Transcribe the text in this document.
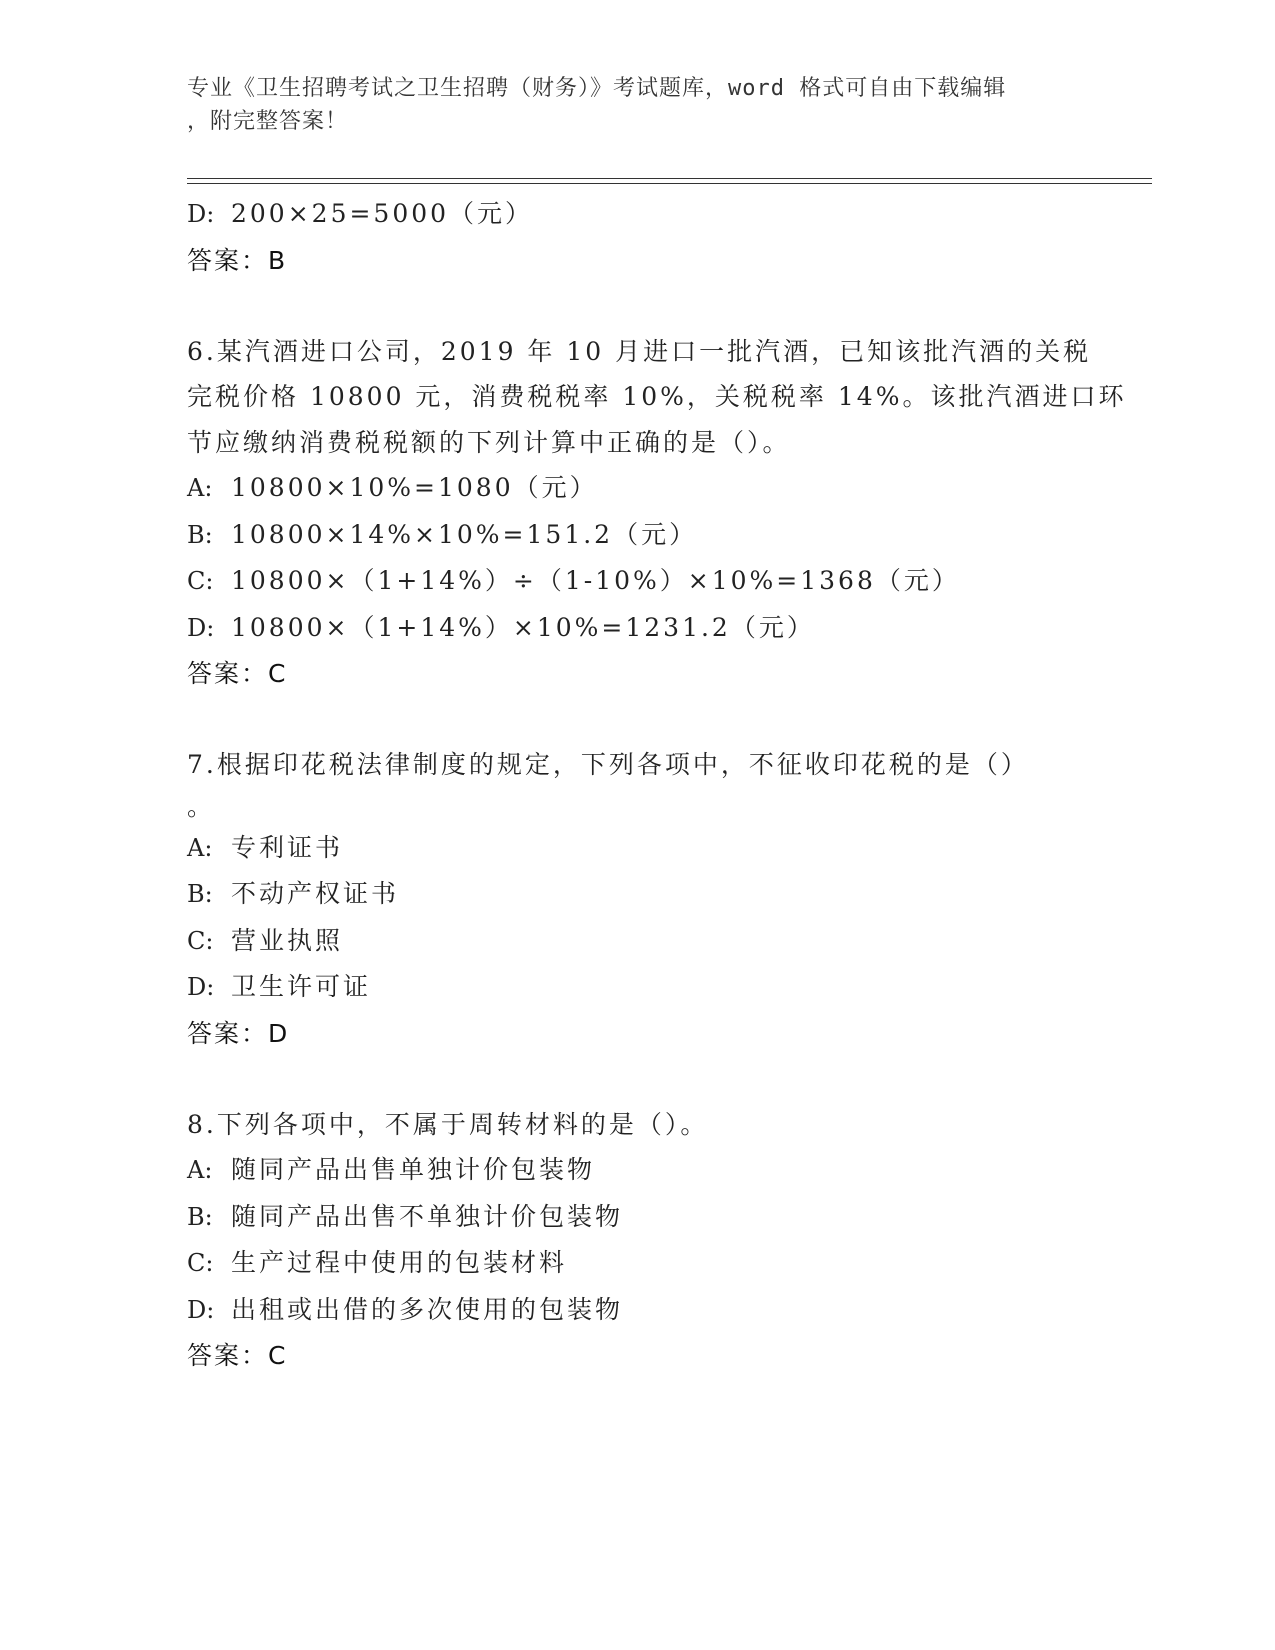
专业《卫生招聘考试之卫生招聘（财务）》考试题库，word 格式可自由下载编辑
，附完整答案！
D: 200×25=5000（元）
答案：B
6.某汽酒进口公司，2019 年 10 月进口一批汽酒，已知该批汽酒的关税
完税价格 10800 元，消费税税率 10%，关税税率 14%。该批汽酒进口环
节应缴纳消费税税额的下列计算中正确的是（）。
A: 10800×10%=1080（元）
B: 10800×14%×10%=151.2（元）
C: 10800×（1+14%）÷（1-10%）×10%=1368（元）
D: 10800×（1+14%）×10%=1231.2（元）
答案：C
7.根据印花税法律制度的规定，下列各项中，不征收印花税的是（）
。
A: 专利证书
B: 不动产权证书
C: 营业执照
D: 卫生许可证
答案：D
8.下列各项中，不属于周转材料的是（）。
A: 随同产品出售单独计价包装物
B: 随同产品出售不单独计价包装物
C: 生产过程中使用的包装材料
D: 出租或出借的多次使用的包装物
答案：C
